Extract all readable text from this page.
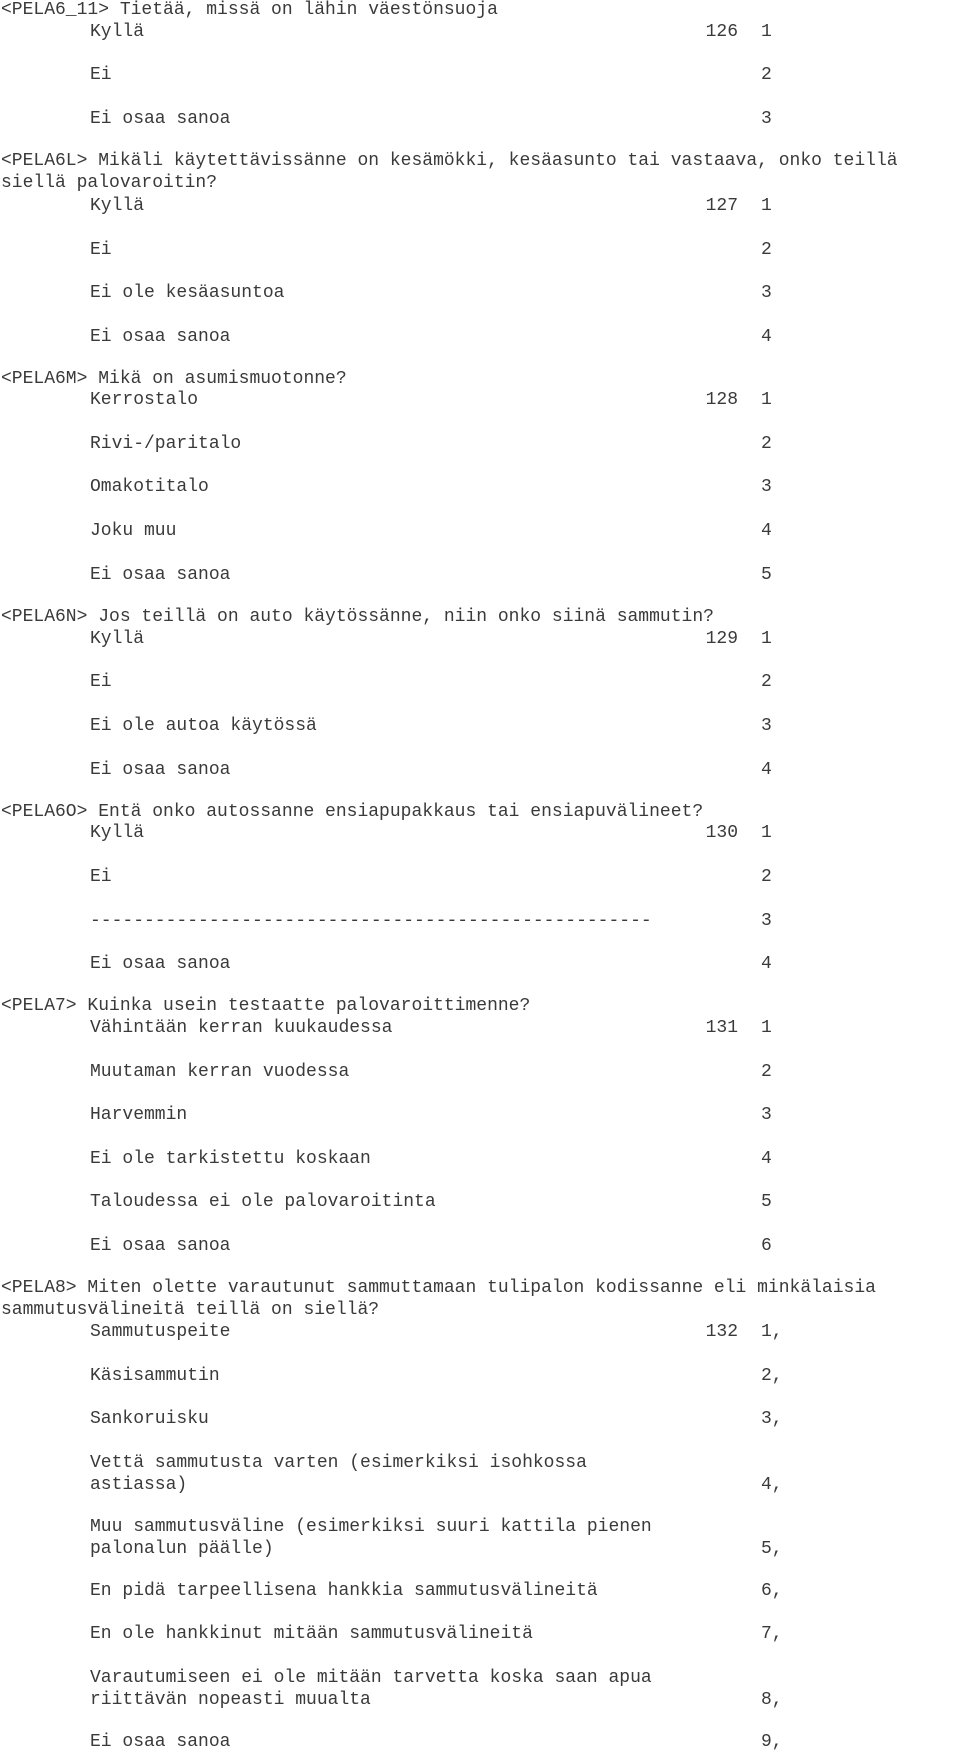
<PELA6_11> Tietää, missä on lähin väestönsuoja
Kyllä	126 1
Ei	2
Ei osaa sanoa	3
<PELA6L> Mikäli käytettävissänne on kesämökki, kesäasunto tai vastaava, onko teillä
siellä palovaroitin?
Kyllä	127 1
Ei	2
Ei ole kesäasuntoa	3
Ei osaa sanoa	4
<PELA6M> Mikä on asumismuotonne?
Kerrostalo	128 1
Rivi-/paritalo	2
Omakotitalo	3
Joku muu	4
Ei osaa sanoa	5
<PELA6N> Jos teillä on auto käytössänne, niin onko siinä sammutin?
Kyllä	129 1
Ei	2
Ei ole autoa käytössä	3
Ei osaa sanoa	4
<PELA6O> Entä onko autossanne ensiapupakkaus tai ensiapuvälineet?
Kyllä	130 1
Ei	2
----------------------------------------------------	3
Ei osaa sanoa	4
<PELA7> Kuinka usein testaatte palovaroittimenne?
Vähintään kerran kuukaudessa	131 1
Muutaman kerran vuodessa	2
Harvemmin	3
Ei ole tarkistettu koskaan	4
Taloudessa ei ole palovaroitinta	5
Ei osaa sanoa	6
<PELA8> Miten olette varautunut sammuttamaan tulipalon kodissanne eli minkälaisia
sammutusvälineitä teillä on siellä?
Sammutuspeite	132 1,
Käsisammutin	2,
Sankoruisku	3,
Vettä sammutusta varten (esimerkiksi isohkossa
astiassa)	4,
Muu sammutusväline (esimerkiksi suuri kattila pienen
palonalun päälle)	5,
En pidä tarpeellisena hankkia sammutusvälineitä	6,
En ole hankkinut mitään sammutusvälineitä	7,
Varautumiseen ei ole mitään tarvetta koska saan apua
riittävän nopeasti muualta	8,
Ei osaa sanoa	9,
